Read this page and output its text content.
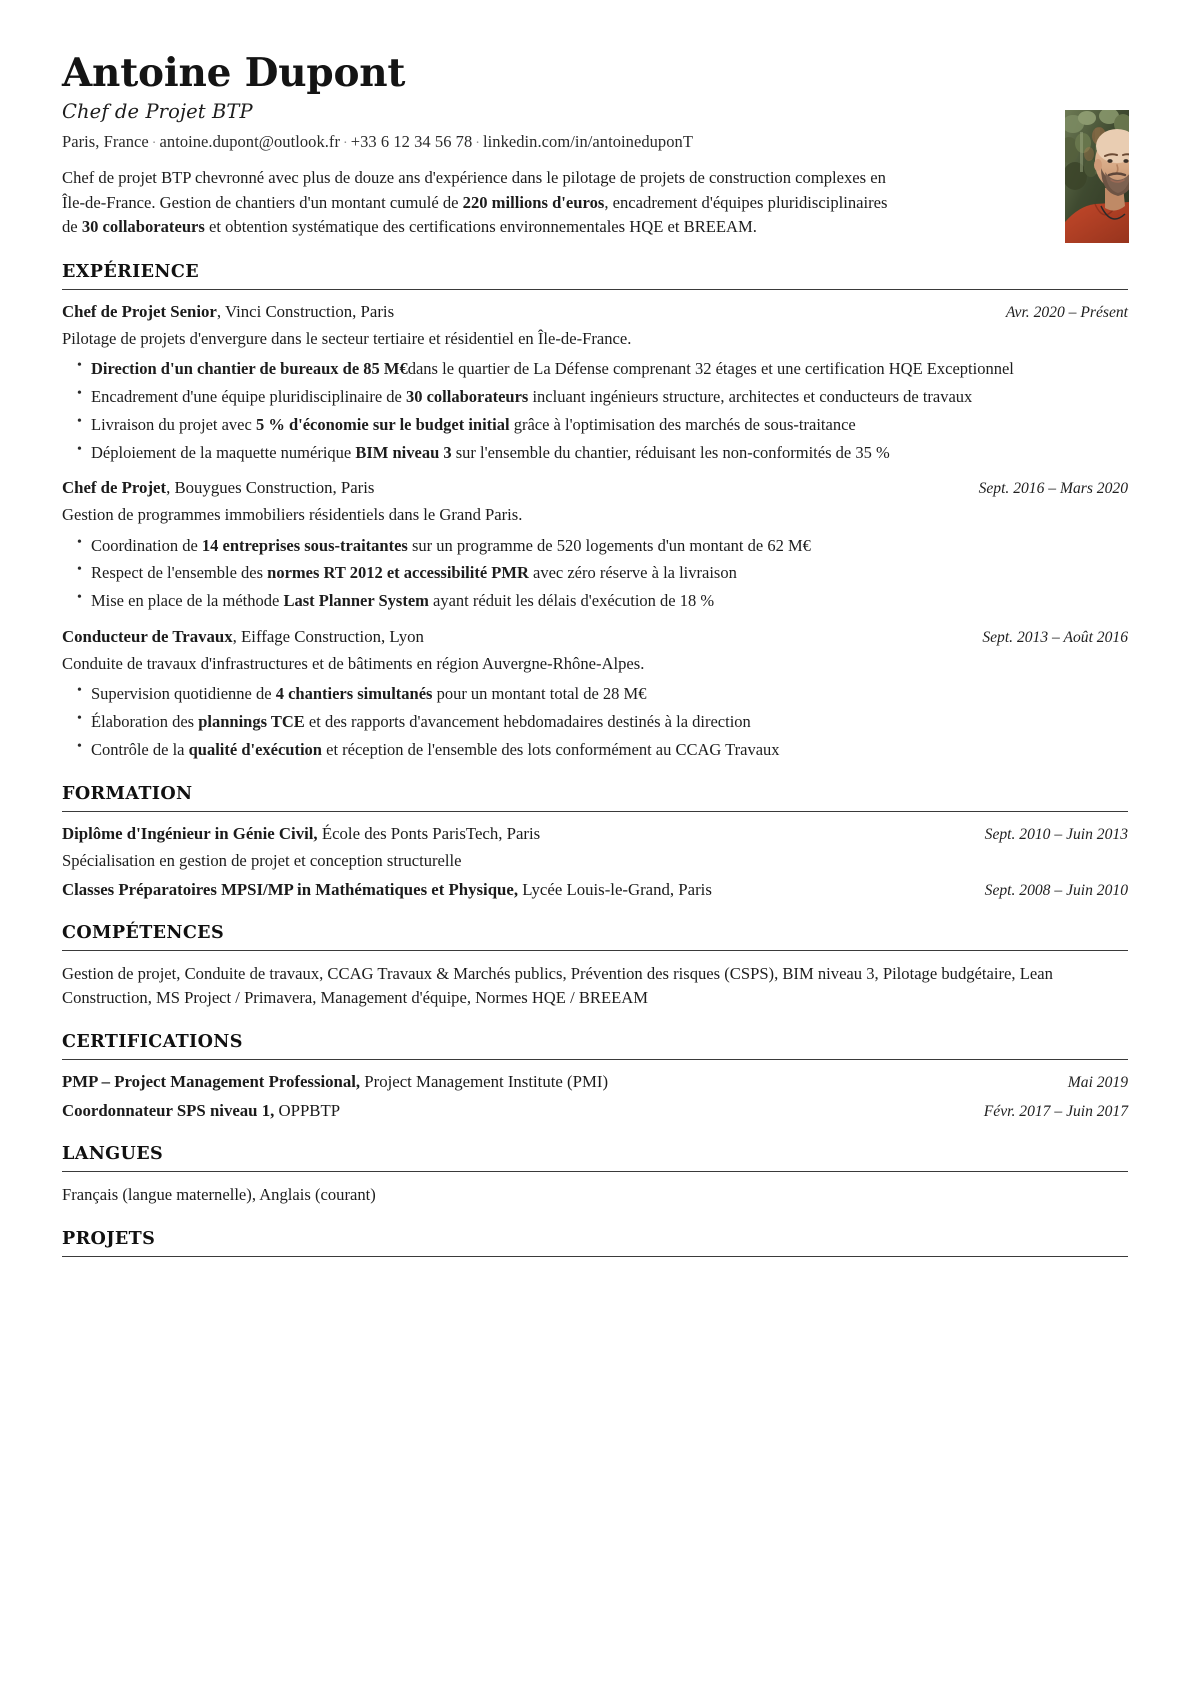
Antoine Dupont
Chef de Projet BTP
Paris, France · antoine.dupont@outlook.fr · +33 6 12 34 56 78 · linkedin.com/in/antoineduponT

Chef de projet BTP chevronné avec plus de douze ans d'expérience dans le pilotage de projets de construction complexes en Île-de-France. Gestion de chantiers d'un montant cumulé de 220 millions d'euros, encadrement d'équipes pluridisciplinaires de 30 collaborateurs et obtention systématique des certifications environnementales HQE et BREEAM.

EXPÉRIENCE
Chef de Projet Senior, Vinci Construction, Paris	Avr. 2020 – Présent
Pilotage de projets d'envergure dans le secteur tertiaire et résidentiel en Île-de-France.
• Direction d'un chantier de bureaux de 85 M€dans le quartier de La Défense comprenant 32 étages et une certification HQE Exceptionnel
• Encadrement d'une équipe pluridisciplinaire de 30 collaborateurs incluant ingénieurs structure, architectes et conducteurs de travaux
• Livraison du projet avec 5 % d'économie sur le budget initial grâce à l'optimisation des marchés de sous-traitance
• Déploiement de la maquette numérique BIM niveau 3 sur l'ensemble du chantier, réduisant les non-conformités de 35 %
Chef de Projet, Bouygues Construction, Paris	Sept. 2016 – Mars 2020
Gestion de programmes immobiliers résidentiels dans le Grand Paris.
• Coordination de 14 entreprises sous-traitantes sur un programme de 520 logements d'un montant de 62 M€
• Respect de l'ensemble des normes RT 2012 et accessibilité PMR avec zéro réserve à la livraison
• Mise en place de la méthode Last Planner System ayant réduit les délais d'exécution de 18 %
Conducteur de Travaux, Eiffage Construction, Lyon	Sept. 2013 – Août 2016
Conduite de travaux d'infrastructures et de bâtiments en région Auvergne-Rhône-Alpes.
• Supervision quotidienne de 4 chantiers simultanés pour un montant total de 28 M€
• Élaboration des plannings TCE et des rapports d'avancement hebdomadaires destinés à la direction
• Contrôle de la qualité d'exécution et réception de l'ensemble des lots conformément au CCAG Travaux
FORMATION
Diplôme d'Ingénieur in Génie Civil, École des Ponts ParisTech, Paris	Sept. 2010 – Juin 2013
Spécialisation en gestion de projet et conception structurelle
Classes Préparatoires MPSI/MP in Mathématiques et Physique, Lycée Louis-le-Grand, Paris	Sept. 2008 – Juin 2010
COMPÉTENCES

Gestion de projet, Conduite de travaux, CCAG Travaux & Marchés publics, Prévention des risques (CSPS), BIM niveau 3, Pilotage budgétaire, Lean Construction, MS Project / Primavera, Management d'équipe, Normes HQE / BREEAM

CERTIFICATIONS
PMP – Project Management Professional, Project Management Institute (PMI)	Mai 2019
Coordonnateur SPS niveau 1, OPPBTP	Févr. 2017 – Juin 2017
LANGUES

Français (langue maternelle), Anglais (courant)

PROJETS
